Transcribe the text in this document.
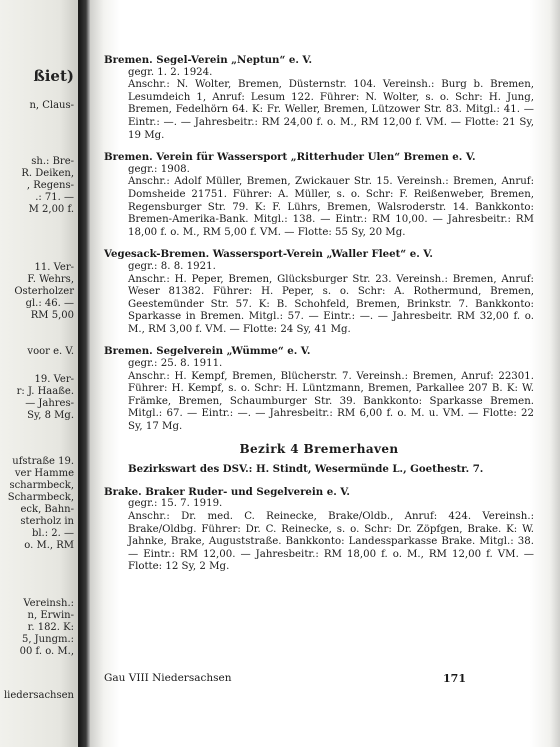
ßiet)
n, Claus-
sh.: Bre-
R. Deiken,
, Regens-
.: 71. —
M 2,00 f.
11. Ver-
F. Wehrs,
Osterholzer
gl.: 46. —
RM 5,00
voor e. V.
19. Ver-
r: J. Haaße.
— Jahres-
Sy, 8 Mg.
ufstraße 19.
ver Hamme
scharmbeck,
Scharmbeck,
eck, Bahn-
sterholz in
bl.: 2. —
o. M., RM
Vereinsh.:
n, Erwin-
r. 182. K:
5, Jungm.:
00 f. o. M.,
liedersachsen

Bremen. Segel-Verein „Neptun“ e. V.

gegr. 1. 2. 1924.

Anschr.: N. Wolter, Bremen, Düsternstr. 104. Vereinsh.: Burg b. Bremen, Lesumdeich 1, Anruf: Lesum 122. Führer: N. Wolter, s. o. Schr: H. Jung, Bremen, Fedelhörn 64. K: Fr. Weller, Bremen, Lützower Str. 83. Mitgl.: 41. — Eintr.: —. — Jahresbeitr.: RM 24,00 f. o. M., RM 12,00 f. VM. — Flotte: 21 Sy, 19 Mg.

Bremen. Verein für Wassersport „Ritterhuder Ulen“ Bremen e. V.

gegr.: 1908.

Anschr.: Adolf Müller, Bremen, Zwickauer Str. 15. Vereinsh.: Bremen, Anruf: Domsheide 21751. Führer: A. Müller, s. o. Schr: F. Reißenweber, Bremen, Regensburger Str. 79. K: F. Lührs, Bremen, Walsroderstr. 14. Bankkonto: Bremen-Amerika-Bank. Mitgl.: 138. — Eintr.: RM 10,00. — Jahresbeitr.: RM 18,00 f. o. M., RM 5,00 f. VM. — Flotte: 55 Sy, 20 Mg.

Vegesack-Bremen. Wassersport-Verein „Waller Fleet“ e. V.

gegr.: 8. 8. 1921.

Anschr.: H. Peper, Bremen, Glücksburger Str. 23. Vereinsh.: Bremen, Anruf: Weser 81382. Führer: H. Peper, s. o. Schr: A. Rothermund, Bremen, Geestemünder Str. 57. K: B. Schohfeld, Bremen, Brinkstr. 7. Bankkonto: Sparkasse in Bremen. Mitgl.: 57. — Eintr.: —. — Jahresbeitr. RM 32,00 f. o. M., RM 3,00 f. VM. — Flotte: 24 Sy, 41 Mg.

Bremen. Segelverein „Wümme“ e. V.

gegr.: 25. 8. 1911.

Anschr.: H. Kempf, Bremen, Blücherstr. 7. Vereinsh.: Bremen, Anruf: 22301. Führer: H. Kempf, s. o. Schr: H. Lüntzmann, Bremen, Parkallee 207 B. K: W. Främke, Bremen, Schaumburger Str. 39. Bankkonto: Sparkasse Bremen. Mitgl.: 67. — Eintr.: —. — Jahresbeitr.: RM 6,00 f. o. M. u. VM. — Flotte: 22 Sy, 17 Mg.

Bezirk 4 Bremerhaven

Bezirkswart des DSV.: H. Stindt, Wesermünde L., Goethestr. 7.

Brake. Braker Ruder- und Segelverein e. V.

gegr.: 15. 7. 1919.

Anschr.: Dr. med. C. Reinecke, Brake/Oldb., Anruf: 424. Vereinsh.: Brake/Oldbg. Führer: Dr. C. Reinecke, s. o. Schr: Dr. Zöpfgen, Brake. K: W. Jahnke, Brake, Auguststraße. Bankkonto: Landessparkasse Brake. Mitgl.: 38. — Eintr.: RM 12,00. — Jahresbeitr.: RM 18,00 f. o. M., RM 12,00 f. VM. — Flotte: 12 Sy, 2 Mg.

Gau VIII Niedersachsen	171
